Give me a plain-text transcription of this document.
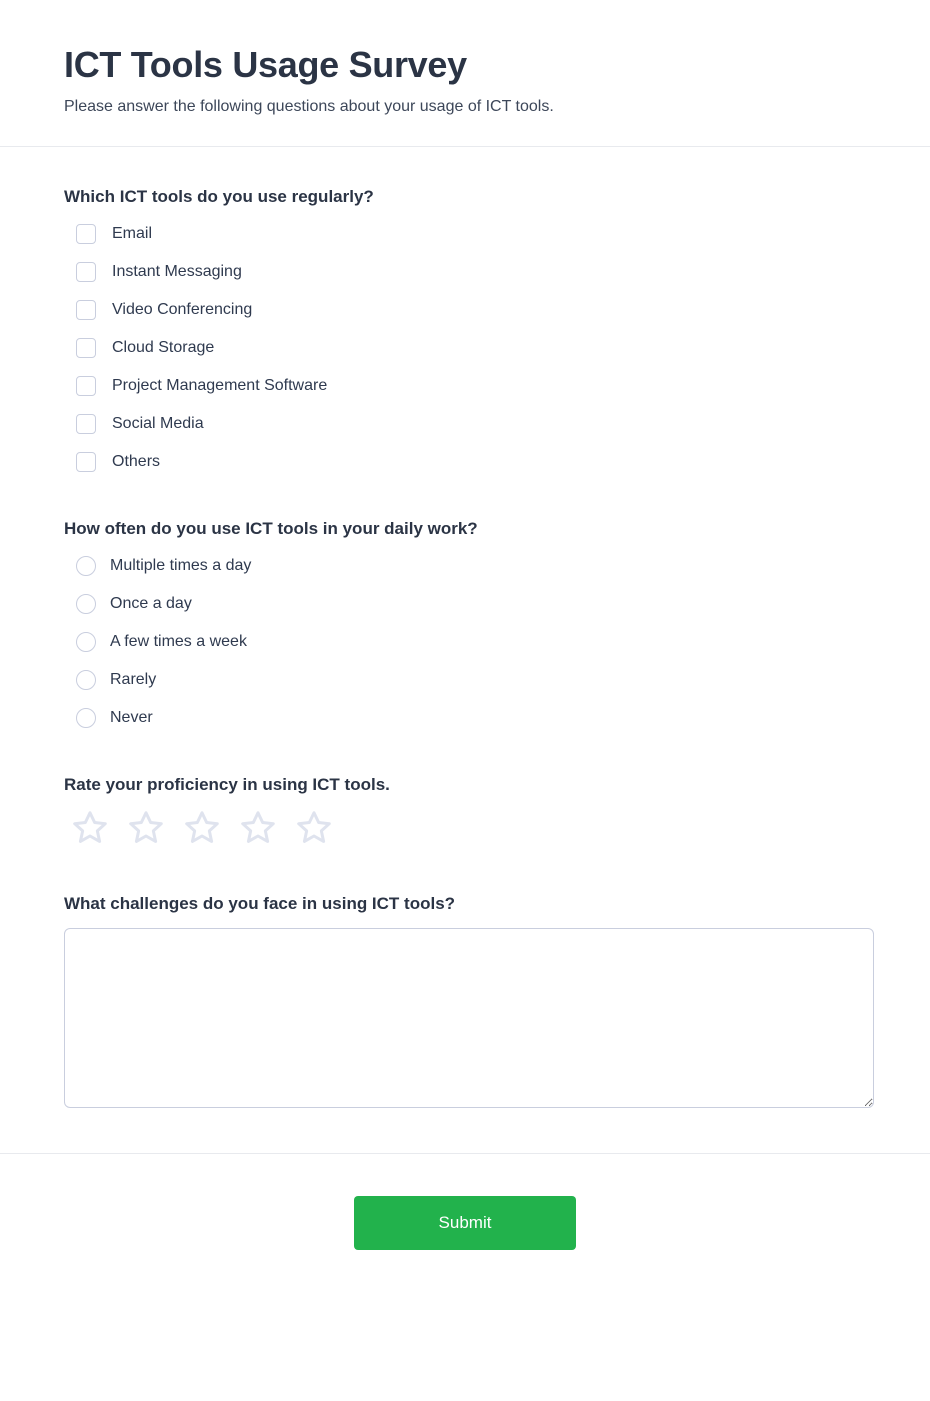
ICT Tools Usage Survey

Please answer the following questions about your usage of ICT tools.

Which ICT tools do you use regularly?
Email
Instant Messaging
Video Conferencing
Cloud Storage
Project Management Software
Social Media
Others
How often do you use ICT tools in your daily work?
Multiple times a day
Once a day
A few times a week
Rarely
Never
Rate your proficiency in using ICT tools.
What challenges do you face in using ICT tools?
Submit
